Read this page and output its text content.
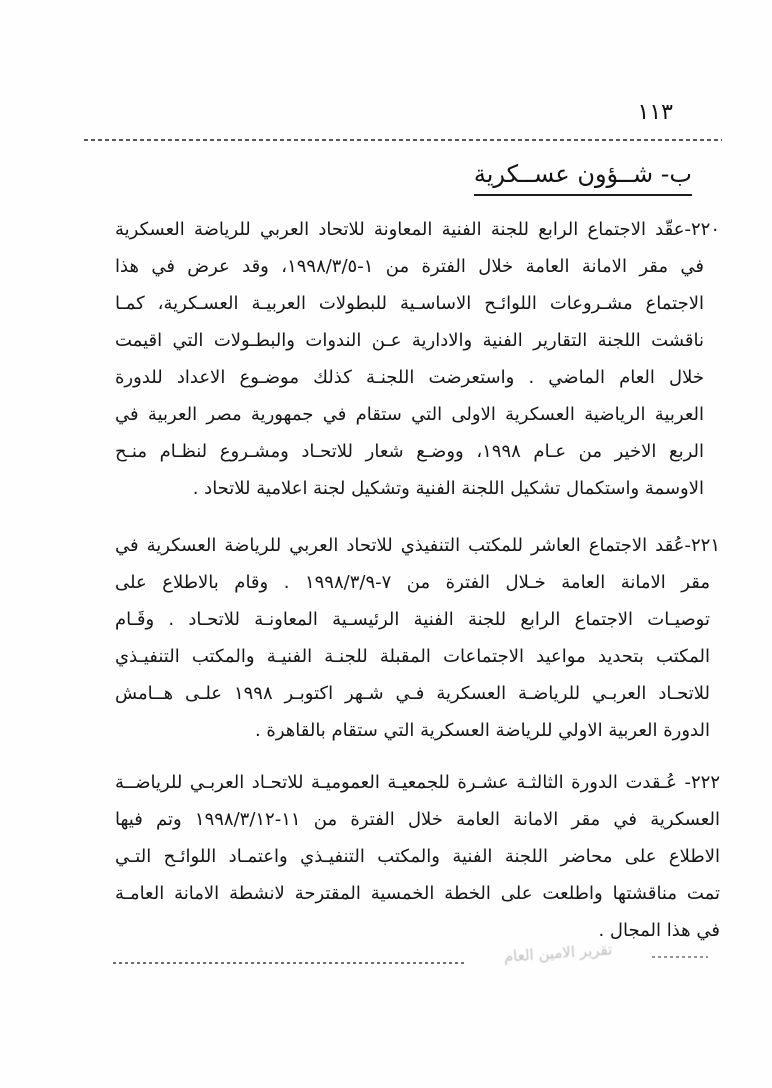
١١٣
ب- شــؤون عســكرية
٢٢٠-عقّد الاجتماع الرابع للجنة الفنية المعاونة للاتحاد العربي للرياضة العسكرية
في مقر الامانة العامة خلال الفترة من ١-١٩٩٨/٣/٥، وقد عرض في هذا
الاجتماع مشـروعات اللوائـح الاساسـية للبطولات العربيـة العسـكرية، كمـا
ناقشت اللجنة التقارير الفنية والادارية عـن الندوات والبطـولات التي اقيمت
خلال العام الماضي . واستعرضت اللجنـة كذلك موضـوع الاعداد للدورة
العربية الرياضية العسكرية الاولى التي ستقام في جمهورية مصر العربية في
الربع الاخير من عـام ١٩٩٨، ووضـع شعار للاتحـاد ومشـروع لنظـام منـح
الاوسمة واستكمال تشكيل اللجنة الفنية وتشكيل لجنة اعلامية للاتحاد .
٢٢١-عُقد الاجتماع العاشر للمكتب التنفيذي للاتحاد العربي للرياضة العسكرية في
مقر الامانة العامة خـلال الفترة من ٧-١٩٩٨/٣/٩ . وقام بالاطلاع على
توصيـات الاجتماع الرابع للجنة الفنية الرئيسـية المعاونـة للاتحـاد . وقَـام
المكتب بتحديد مواعيد الاجتماعات المقبلة للجنـة الفنيـة والمكتب التنفيـذي
للاتحـاد العربـي للرياضـة العسكرية فـي شـهر اكتوبـر ١٩٩٨ علـى هــامش
الدورة العربية الاولي للرياضة العسكرية التي ستقام بالقاهرة .
٢٢٢- عُـقدت الدورة الثالثـة عشـرة للجمعيـة العموميـة للاتحـاد العربـي للرياضــة
العسكرية في مقر الامانة العامة خلال الفترة من ١١-١٩٩٨/٣/١٢ وتم فيها
الاطلاع على محاضر اللجنة الفنية والمكتب التنفيـذي واعتمـاد اللوائـح التـي
تمت مناقشتها واطلعت على الخطة الخمسية المقترحة لانشطة الامانة العامـة
في هذا المجال .
تقرير الامين العام
